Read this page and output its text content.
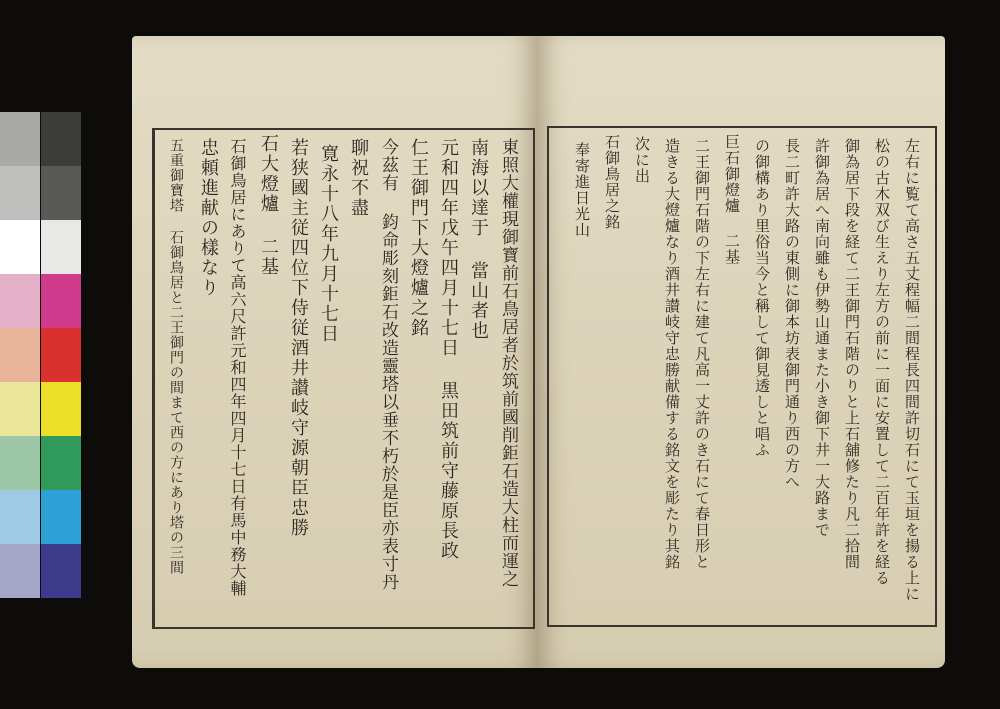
東照大權現御寶前石鳥居者於筑前國削鉅石造大柱而運之
南海以達于 當山者也
元和四年戊午四月十七日 黒田筑前守藤原長政
仁王御門下大燈爐之銘
今茲有 鈞命彫刻鉅石改造靈塔以垂不朽於是臣亦表寸丹
聊祝不盡
寛永十八年九月十七日
若狭國主従四位下侍従酒井讃岐守源朝臣忠勝
石大燈爐 二基
石御鳥居にありて高六尺許元和四年四月十七日有馬中務大輔
忠頼進献の樣なり
五重御寶塔 石御鳥居と二王御門の間まて西の方にあり塔の三間	左右に覧て高さ五丈程幅二間程長四間許切石にて玉垣を揚る上に
松の古木双び生えり左方の前に一面に安置して二百年許を経る
御為居下段を経て二王御門石階のりと上石舖修たり凡二拾間
許御為居へ南向雖も伊勢山通また小き御下井一大路まで
長二町許大路の東側に御本坊表御門通り西の方へ
の御構あり里俗当今と稱して御見透しと唱ふ
巨石御燈爐 二基
二王御門石階の下左右に建て凡高一丈許のき石にて春日形と
造きる大燈爐なり酒井讃岐守忠勝献備する銘文を彫たり其銘
次に出
石御鳥居之銘
奉寄進日光山
